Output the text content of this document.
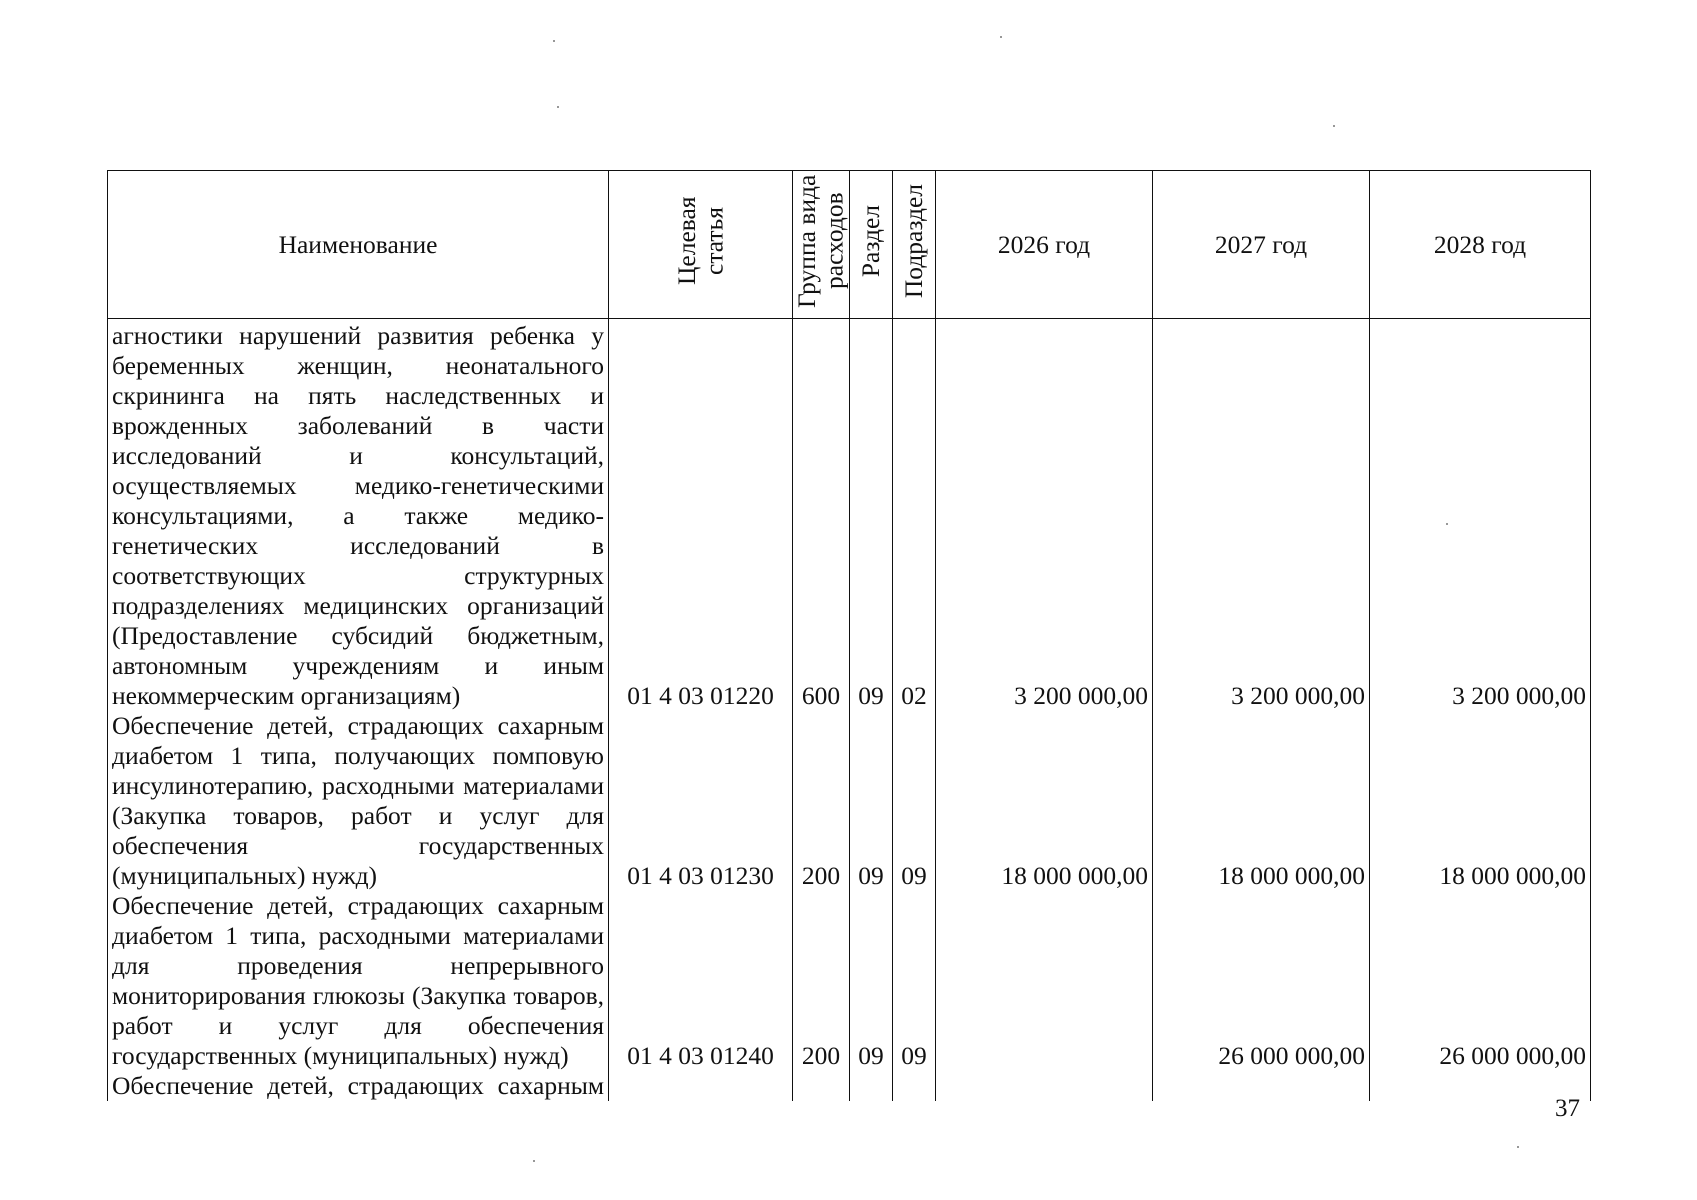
Наименование	Целевая статья	Группа вида расходов	Раздел	Подраздел	2026 год	2027 год	2028 год
агностики нарушений развития ребенка у беременных женщин, неонатального скрининга на пять наследственных и врожденных заболеваний в части исследований и консультаций, осуществляемых медико-генетическими консультациями, а также медико-генетических исследований в соответствующих структурных подразделениях медицинских организаций (Предоставление субсидий бюджетным, автономным учреждениям и иным некоммерческим организациям)	01 4 03 01220	600	09	02	3 200 000,00	3 200 000,00	3 200 000,00
Обеспечение детей, страдающих сахарным диабетом 1 типа, получающих помповую инсулинотерапию, расходными материалами (Закупка товаров, работ и услуг для обеспечения государственных (муниципальных) нужд)	01 4 03 01230	200	09	09	18 000 000,00	18 000 000,00	18 000 000,00
Обеспечение детей, страдающих сахарным диабетом 1 типа, расходными материалами для проведения непрерывного мониторирования глюкозы (Закупка товаров, работ и услуг для обеспечения государственных (муниципальных) нужд)	01 4 03 01240	200	09	09		26 000 000,00	26 000 000,00
Обеспечение детей, страдающих сахарным							
37
